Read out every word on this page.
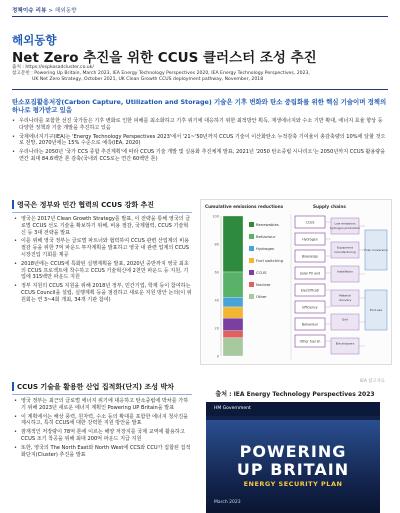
정책이슈 리뷰 > 해외동향
해외동향
Net Zero 추진을 위한 CCUS 클러스터 조성 추진
출처 : https://espkosadcluster.co.uk/
참고문헌 : Powering Up Britain, March 2023, IEA Energy Technology Perspectives 2020, IEA Energy Technology Perspectives, 2023,
UK Net Zero Strategy, October 2021, UK Clean Growth CCUS deployment pathway, November, 2018
탄소포집활용저장(Carbon Capture, Utilization and Storage) 기술은 기후 변화와 탄소 중립화를 위한 핵심 기술이며 정책의 하나로 평가받고 있음
• 우리나라를 포함한 선진 국가들은 기후 변화로 인한 피해를 최소화하고 기후 위기에 대응하기 위한 최적방안 획득, 재생에너지와 수소 기반 확대, 에너지 효율 향상 등 다양한 정책과 기술 개발을 추진하고 있음
• 국제에너지기구(IEA)는 'Energy Technology Perspectives 2023'에서 '21~'50년까지 CCUS 기술이 이산화탄소 누적감축 기여율이 총감축량의 10%에 달할 것으로 전망, 2070년에는 15% 수준으로 예측(IEA, 2020)
• 우리나라는 2050년 '국가 CCS 종합 추진계획'에 따라 CCUS 기술 개발 및 실용화 추진체계 발표, 2021년 '2050 탄소중립 시나리오'는 2050년까지 CCUS 활용량을 연간 최대 84.6백만 톤 감축(국내외 CCS로는 연간 60백만 톤)
영국은 정부와 민간 협력의 CCUS 강화 추진
• 영국은 2017년 Clean Growth Strategy를 발표, 이 전략을 통해 영국의 글로벌 CCUS 선도 기술을 확보하기 위해, 비용 절감, 국제협력, CCUS 기술혁신 등 3대 전략을 발표
• 이를 위해 영국 정부는 글로벌 파트너와 협력하여 CCUS 관련 산업계의 비용 절감 등을 위한 7억 파운드 투자계획을 발표하고 영국 내 관련 업계의 CCUS 시장진입 기회를 제공
• 2018년에는 CCUS에 특화된 실행계획을 발표, 2020년 중반까지 영국 최초의 CCUS 프로젝트에 착수하고 CCUS 기술혁신에 2천만 파운드 등 지원, 기업에 315백만 파운드 지원
• 정부 지원의 CCUS 지원을 위해 2018년 정부, 민간기업, 학계 등이 참여하는 CCUS Council을 설립, 실행계획 등을 점검하고 새로운 지원 방안 논의(이 위원회는 연 3~4회 개최, 34개 기관 참여)
CCUS 기술을 활용한 산업 집적화(단지) 조성 박차
• 영국 정부는 최근의 글로벌 에너지 위기에 대응하고 탄소중립에 박차를 가하기 위해 2023년 새로운 에너지 계획인 Powering UP Britain을 발표
• 이 계획에서는 해상 풍력, 원자력, 수소 등의 확대를 포함한 에너지 청사진을 제시하고, 특히 CCUS에 대한 강력한 지원 방안을 발표
• 잠재적인 저장량이 78억 톤에 이르는 해양 저장지를 국제 교역에 활용하고 CCUS 조기 착공을 위해 최대 200억 파운드 지급 지원
• 또한, 영국의 The North East와 North West에 CCS와 CCU가 집합된 집적화단지(Cluster) 추진을 발표
Cumulative emissions reductions	Supply chains
Renewables
Behaviour
Hydrogen
Fuel switching
CCUS
Nuclear
Other
0
20
40
60
80
100
CCUS
Hydrogen
Bioenergy
Solar PV and
Electrificati
Efficiency
Behaviour
Other fuel sh
Low emissions
hydrogen production
Equipment
manufacturing
Installation
Material
recovery
Grid
Electrolysers
Fuel conversion
End-use
IEA 참고자료
출처 : IEA Energy Technology Perspectives 2023
HM Government
POWERING
UP BRITAIN
ENERGY SECURITY PLAN
March 2023
